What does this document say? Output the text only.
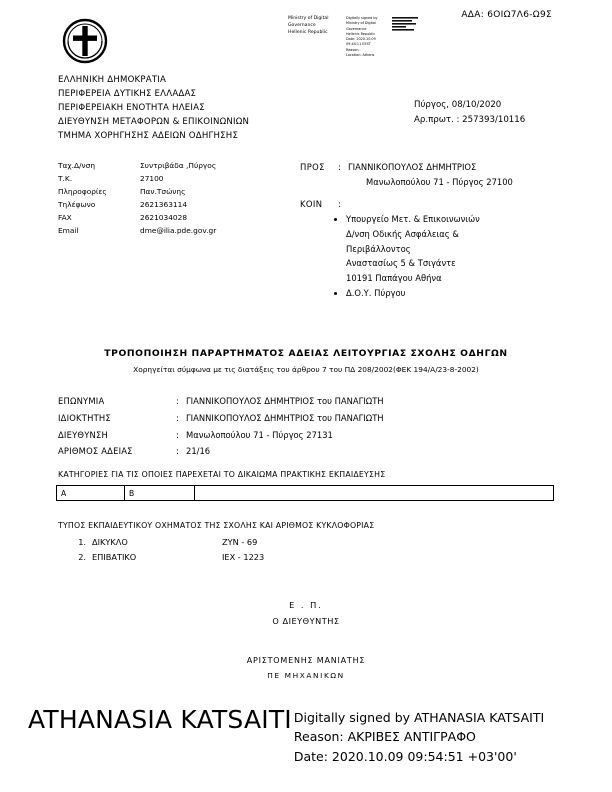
ΑΔΑ: 6ΟΙΩ7Λ6-Ω9Σ
Ministry of Digital
Governance
Hellenic Republic
Digitally signed by
Ministry of Digital
Governance
Hellenic Republic
Date: 2020.10.09
09:44:11 EEST
Reason:
Location: Athens
ΕΛΛΗΝΙΚΗ ΔΗΜΟΚΡΑΤΙΑ
ΠΕΡΙΦΕΡΕΙΑ ΔΥΤΙΚΗΣ ΕΛΛΑΔΑΣ
ΠΕΡΙΦΕΡΕΙΑΚΗ ΕΝΟΤΗΤΑ ΗΛΕΙΑΣ
ΔΙΕΥΘΥΝΣΗ ΜΕΤΑΦΟΡΩΝ & ΕΠΙΚΟΙΝΩΝΙΩΝ
ΤΜΗΜΑ ΧΟΡΗΓΗΣΗΣ ΑΔΕΙΩΝ ΟΔΗΓΗΣΗΣ
Πύργος, 08/10/2020
Αρ.πρωτ. : 257393/10116
Ταχ.Δ/νση	Συντριβάδα ,Πύργος
Τ.Κ.	27100
Πληροφορίες	Παν.Τσώνης
Τηλέφωνο	2621363114
FAX	2621034028
Email	dme@ilia.pde.gov.gr
ΠΡΟΣ	: ΓΙΑΝΝΙΚΟΠΟΥΛΟΣ ΔΗΜΗΤΡΙΟΣ
Μανωλοπούλου 71 - Πύργος 27100
ΚΟΙΝ	:
• Υπουργείο Μετ. & Επικοινωνιών
Δ/νση Οδικής Ασφάλειας &
Περιβάλλοντος
Αναστασίως 5 & Τσιγάντε
10191 Παπάγου Αθήνα
• Δ.Ο.Υ. Πύργου
ΤΡΟΠΟΠΟΙΗΣΗ ΠΑΡΑΡΤΗΜΑΤΟΣ ΑΔΕΙΑΣ ΛΕΙΤΟΥΡΓΙΑΣ ΣΧΟΛΗΣ ΟΔΗΓΩΝ
Χορηγείται σύμφωνα με τις διατάξεις του άρθρου 7 του ΠΔ 208/2002(ΦΕΚ 194/Α/23-8-2002)
ΕΠΩΝΥΜΙΑ	:	ΓΙΑΝΝΙΚΟΠΟΥΛΟΣ ΔΗΜΗΤΡΙΟΣ του ΠΑΝΑΓΙΩΤΗ
ΙΔΙΟΚΤΗΤΗΣ	:	ΓΙΑΝΝΙΚΟΠΟΥΛΟΣ ΔΗΜΗΤΡΙΟΣ του ΠΑΝΑΓΙΩΤΗ
ΔΙΕΥΘΥΝΣΗ	:	Μανωλοπούλου 71 - Πύργος 27131
ΑΡΙΘΜΟΣ ΑΔΕΙΑΣ	:	21/16
ΚΑΤΗΓΟΡΙΕΣ ΓΙΑ ΤΙΣ ΟΠΟΙΕΣ ΠΑΡΕΧΕΤΑΙ ΤΟ ΔΙΚΑΙΩΜΑ ΠΡΑΚΤΙΚΗΣ ΕΚΠΑΙΔΕΥΣΗΣ
Α	Β	
ΤΥΠΟΣ ΕΚΠΑΙΔΕΥΤΙΚΟΥ ΟΧΗΜΑΤΟΣ ΤΗΣ ΣΧΟΛΗΣ ΚΑΙ ΑΡΙΘΜΟΣ ΚΥΚΛΟΦΟΡΙΑΣ
1.	ΔΙΚΥΚΛΟ	ΖΥΝ - 69
2.	ΕΠΙΒΑΤΙΚΟ	ΙΕΧ - 1223
Ε . Π.
Ο ΔΙΕΥΘΥΝΤΗΣ
ΑΡΙΣΤΟΜΕΝΗΣ ΜΑΝΙΑΤΗΣ
ΠΕ ΜΗΧΑΝΙΚΩΝ
ATHANASIA KATSAITI Digitally signed by ATHANASIA KATSAITI
Reason: ΑΚΡΙΒΕΣ ΑΝΤΙΓΡΑΦΟ
Date: 2020.10.09 09:54:51 +03'00'
